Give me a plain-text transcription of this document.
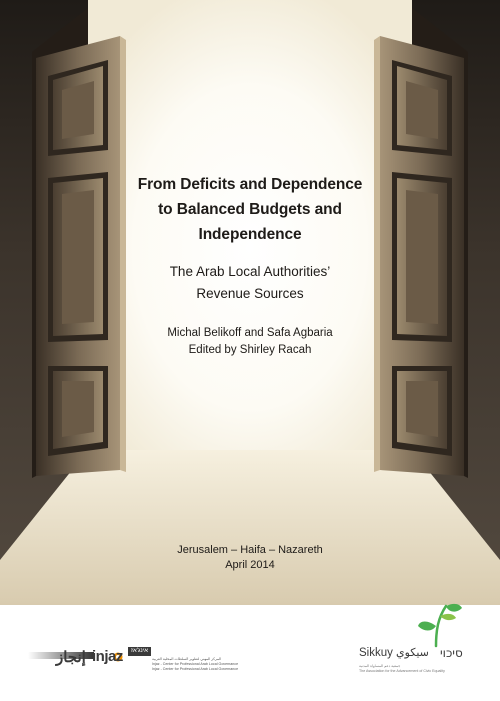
From Deficits and Dependence
to Balanced Budgets and
Independence
The Arab Local Authorities’
Revenue Sources
Michal Belikoff and Safa Agbaria
Edited by Shirley Racah
Jerusalem – Haifa – Nazareth
April 2014
إنجاز injaz	אינג'אז
المركز المهني لتطوير السلطات المحلية العربية
Injaz - Center for Professional Arab Local Governance
Injaz - Center for Professional Arab Local Governance
Sikkuy سيكوي סיכוי
جمعية دعم المساواة المدنية
The Association for the Advancement of Civic Equality
